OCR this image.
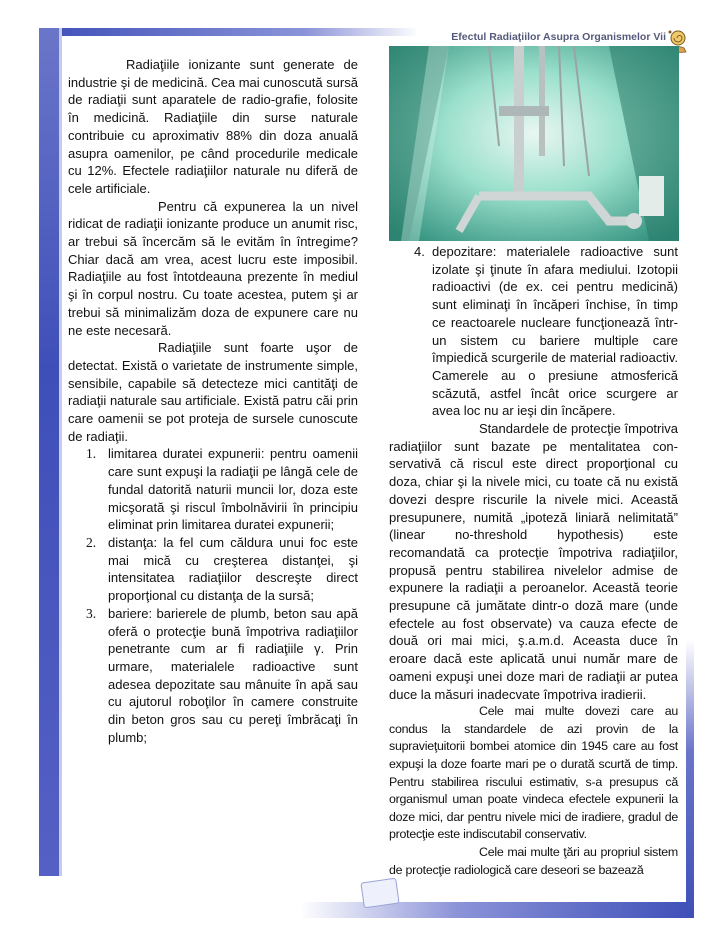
Efectul Radiaţiilor Asupra Organismelor Vii

Radiaţiile ionizante sunt generate de industrie şi de medicină. Cea mai cunoscută sursă de radiaţii sunt aparatele de radio-grafie, folosite în medicină. Radiaţiile din surse naturale contribuie cu aproximativ 88% din doza anuală asupra oamenilor, pe când procedurile medicale cu 12%. Efectele radiaţiilor naturale nu diferă de cele artificiale.

Pentru că expunerea la un nivel ridicat de radiaţii ionizante produce un anumit risc, ar trebui să încercăm să le evităm în întregime? Chiar dacă am vrea, acest lucru este imposibil. Radiaţiile au fost întotdeauna prezente în mediul şi în corpul nostru. Cu toate acestea, putem şi ar trebui să minimalizăm doza de expunere care nu ne este necesară.

Radiaţiile sunt foarte uşor de detectat. Există o varietate de instrumente simple, sensibile, capabile să detecteze mici cantităţi de radiaţii naturale sau artificiale. Există patru căi prin care oamenii se pot proteja de sursele cunoscute de radiaţii.

1. limitarea duratei expunerii: pentru oamenii care sunt expuşi la radiaţii pe lângă cele de fundal datorită naturii muncii lor, doza este micşorată şi riscul îmbolnăvirii în principiu eliminat prin limitarea duratei expunerii;
2. distanţa: la fel cum căldura unui foc este mai mică cu creşterea distanţei, şi intensitatea radiaţiilor descreşte direct proporţional cu distanţa de la sursă;
3. bariere: barierele de plumb, beton sau apă oferă o protecţie bună împotriva radiaţiilor penetrante cum ar fi radiaţiile γ. Prin urmare, materialele radioactive sunt adesea depozitate sau mânuite în apă sau cu ajutorul roboţilor în camere construite din beton gros sau cu pereţi îmbrăcaţi în plumb;
4. depozitare: materialele radioactive sunt izolate şi ţinute în afara mediului. Izotopii radioactivi (de ex. cei pentru medicină) sunt eliminaţi în încăperi închise, în timp ce reactoarele nucleare funcţionează într-un sistem cu bariere multiple care împiedică scurgerile de material radioactiv. Camerele au o presiune atmosferică scăzută, astfel încât orice scurgere ar avea loc nu ar ieşi din încăpere.

Standardele de protecţie împotriva radiaţiilor sunt bazate pe mentalitatea con-servativă că riscul este direct proporţional cu doza, chiar şi la nivele mici, cu toate că nu există dovezi despre riscurile la nivele mici. Această presupunere, numită „ipoteză liniară nelimitată” (linear no-threshold hypothesis) este recomandată ca protecţie împotriva radiaţiilor, propusă pentru stabilirea nivelelor admise de expunere la radiaţii a peroanelor. Această teorie presupune că jumătate dintr-o doză mare (unde efectele au fost observate) va cauza efecte de două ori mai mici, ş.a.m.d. Aceasta duce în eroare dacă este aplicată unui număr mare de oameni expuşi unei doze mari de radiaţii ar putea duce la măsuri inadecvate împotriva iradierii.

Cele mai multe dovezi care au condus la standardele de azi provin de la supravieţuitorii bombei atomice din 1945 care au fost expuşi la doze foarte mari pe o durată scurtă de timp. Pentru stabilirea riscului estimativ, s-a presupus că organismul uman poate vindeca efectele expunerii la doze mici, dar pentru nivele mici de iradiere, gradul de protecţie este indiscutabil conservativ.

Cele mai multe ţări au propriul sistem de protecţie radiologică care deseori se bazează
